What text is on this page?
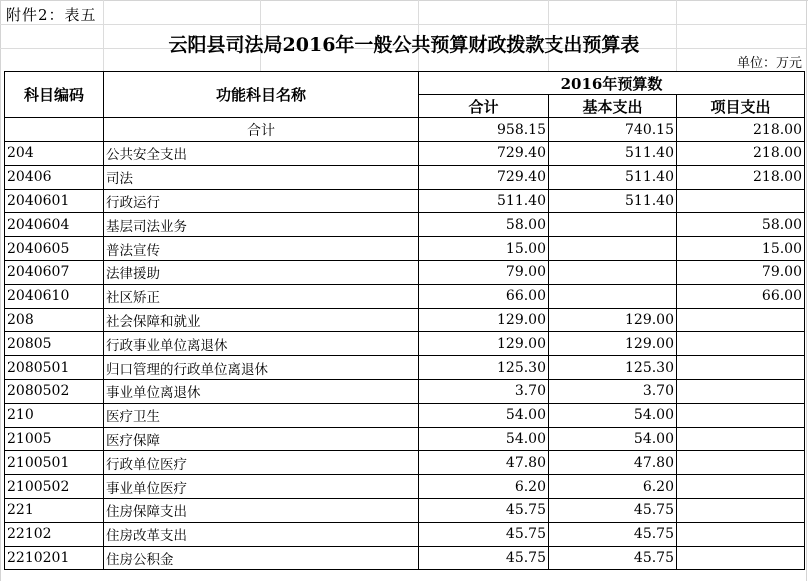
附件2：表五
云阳县司法局2016年一般公共预算财政拨款支出预算表
单位：万元
科目编码	功能科目名称	2016年预算数		
		合计	基本支出	项目支出
	合计	958.15	740.15	218.00
204	公共安全支出	729.40	511.40	218.00
20406	司法	729.40	511.40	218.00
2040601	行政运行	511.40	511.40	
2040604	基层司法业务	58.00		58.00
2040605	普法宣传	15.00		15.00
2040607	法律援助	79.00		79.00
2040610	社区矫正	66.00		66.00
208	社会保障和就业	129.00	129.00	
20805	行政事业单位离退休	129.00	129.00	
2080501	归口管理的行政单位离退休	125.30	125.30	
2080502	事业单位离退休	3.70	3.70	
210	医疗卫生	54.00	54.00	
21005	医疗保障	54.00	54.00	
2100501	行政单位医疗	47.80	47.80	
2100502	事业单位医疗	6.20	6.20	
221	住房保障支出	45.75	45.75	
22102	住房改革支出	45.75	45.75	
2210201	住房公积金	45.75	45.75	
